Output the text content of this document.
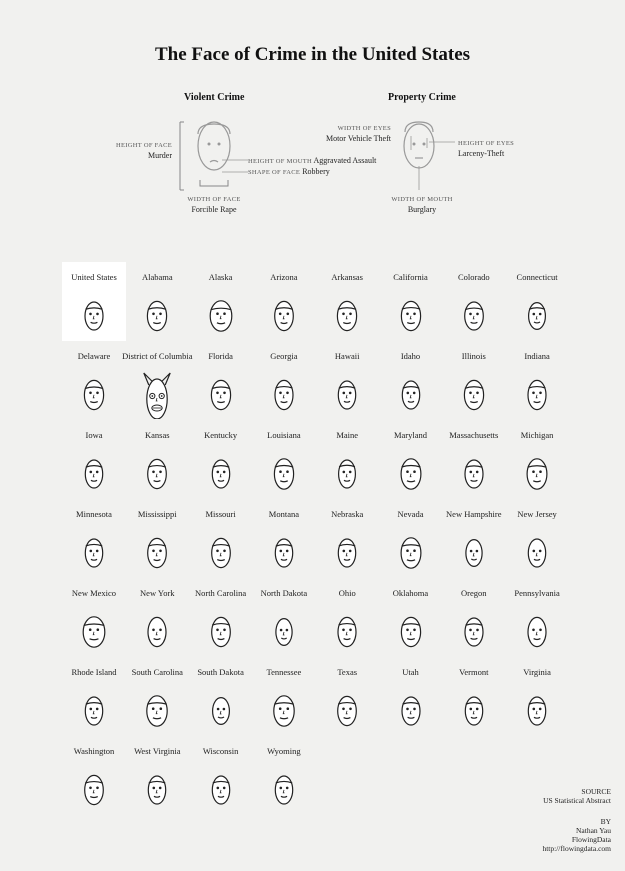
The Face of Crime in the United States
Violent Crime
HEIGHT OF FACE
Murder
HEIGHT OF MOUTH Aggravated Assault
SHAPE OF FACE Robbery
WIDTH OF FACE
Forcible Rape
Property Crime
WIDTH OF EYES
Motor Vehicle Theft
HEIGHT OF EYES
Larceny-Theft
WIDTH OF MOUTH
Burglary
United States	Alabama	Alaska	Arizona	Arkansas	California	Colorado	Connecticut
Delaware	District of Columbia	Florida	Georgia	Hawaii	Idaho	Illinois	Indiana
Iowa	Kansas	Kentucky	Louisiana	Maine	Maryland	Massachusetts	Michigan
Minnesota	Mississippi	Missouri	Montana	Nebraska	Nevada	New Hampshire	New Jersey
New Mexico	New York	North Carolina	North Dakota	Ohio	Oklahoma	Oregon	Pennsylvania
Rhode Island	South Carolina	South Dakota	Tennessee	Texas	Utah	Vermont	Virginia
Washington	West Virginia	Wisconsin	Wyoming
SOURCE
US Statistical Abstract
BY
Nathan Yau
FlowingData
http://flowingdata.com
